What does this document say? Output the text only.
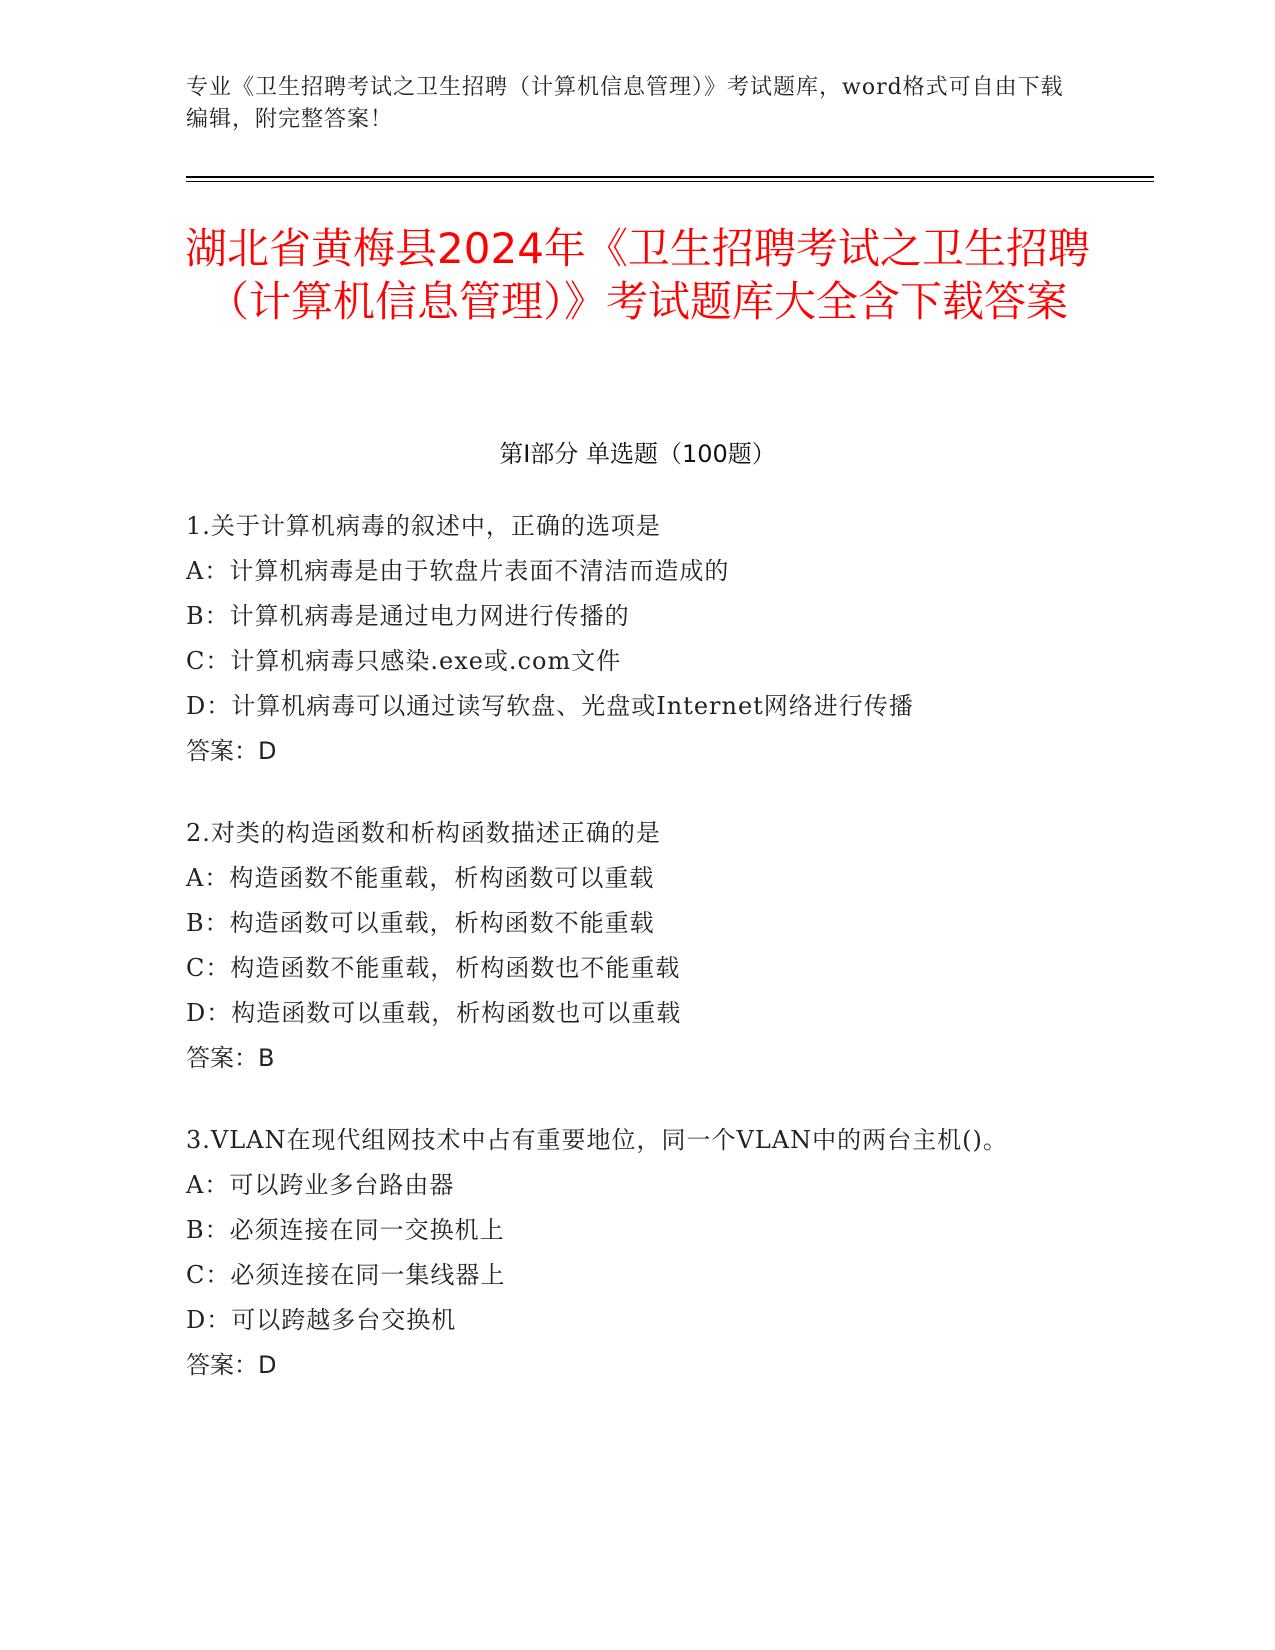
专业《卫生招聘考试之卫生招聘（计算机信息管理）》考试题库，word格式可自由下载编辑，附完整答案！
湖北省黄梅县2024年《卫生招聘考试之卫生招聘（计算机信息管理）》考试题库大全含下载答案
第I部分 单选题（100题）
1.关于计算机病毒的叙述中，正确的选项是
A：计算机病毒是由于软盘片表面不清洁而造成的
B：计算机病毒是通过电力网进行传播的
C：计算机病毒只感染.exe或.com文件
D：计算机病毒可以通过读写软盘、光盘或Internet网络进行传播
答案：D
2.对类的构造函数和析构函数描述正确的是
A：构造函数不能重载，析构函数可以重载
B：构造函数可以重载，析构函数不能重载
C：构造函数不能重载，析构函数也不能重载
D：构造函数可以重载，析构函数也可以重载
答案：B
3.VLAN在现代组网技术中占有重要地位，同一个VLAN中的两台主机()。
A：可以跨业多台路由器
B：必须连接在同一交换机上
C：必须连接在同一集线器上
D：可以跨越多台交换机
答案：D
